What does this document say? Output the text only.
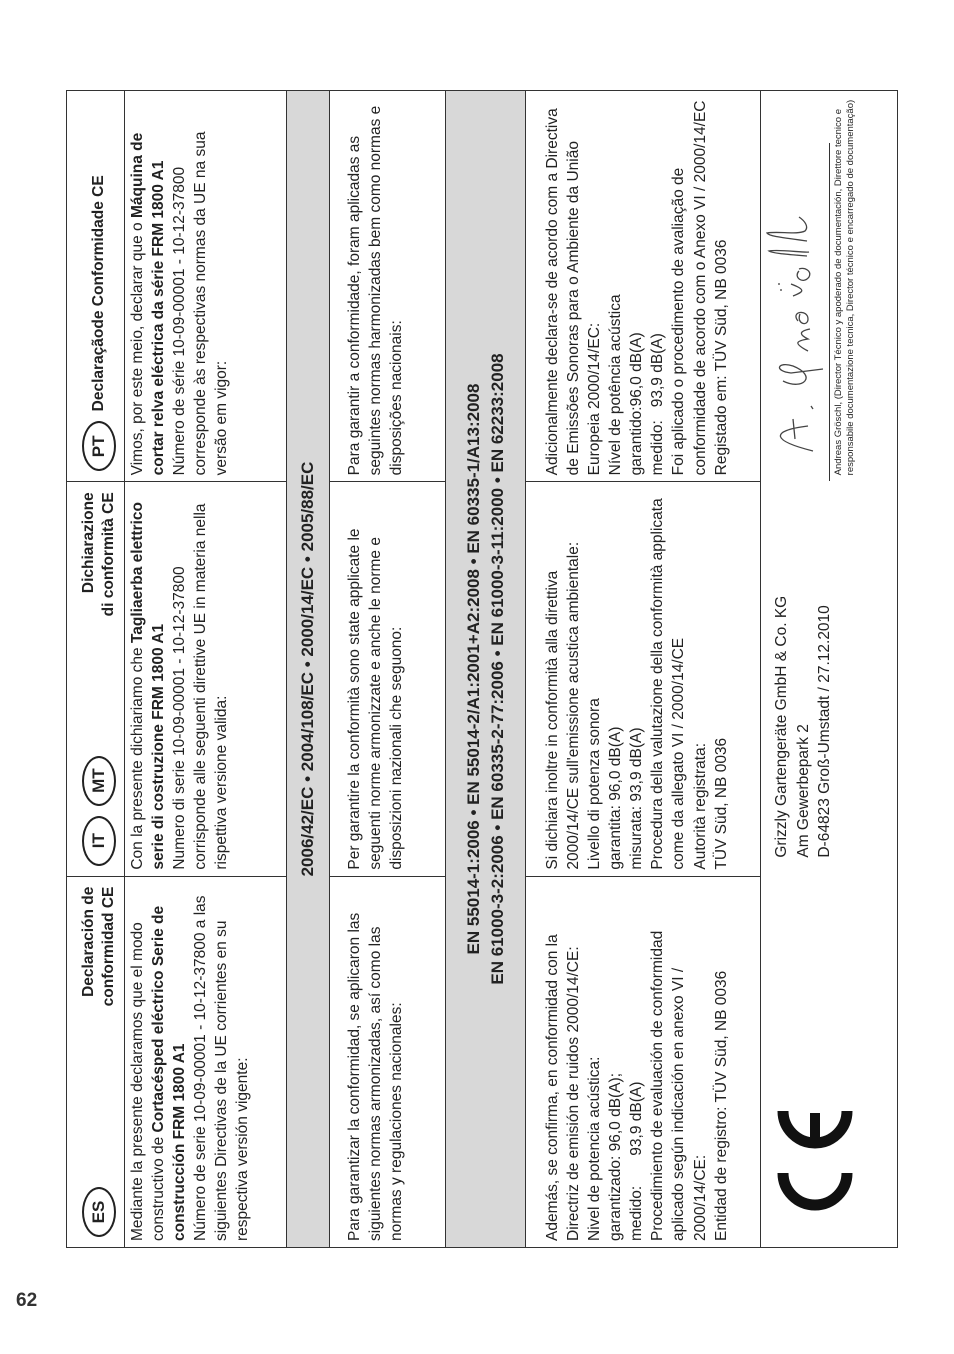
62
ES
Declaración de conformidad CE
IT
MT
Dichiarazione di conformità CE
PT
Declaraçãode Conformidade CE
Mediante la presente declaramos que el modo constructivo de Cortacésped eléctrico Serie de construcción FRM 1800 A1 Número de serie 10-09-00001 - 10-12-37800 a las siguientes Directivas de la UE corrientes en su respectiva versión vigente:
Con la presente dichiariamo che Tagliaerba elettrico serie di costruzione FRM 1800 A1 Numero di serie 10-09-00001 - 10-12-37800 corrisponde alle seguenti direttive UE in materia nella rispettiva versione valida:
Vimos, por este meio, declarar que o Máquina de cortar relva eléctrica da série FRM 1800 A1 Número de série 10-09-00001 - 10-12-37800 corresponde às respectivas normas da UE na sua versão em vigor:
2006/42/EC • 2004/108/EC • 2000/14/EC • 2005/88/EC
Para garantizar la conformidad, se aplicaron las siguientes normas armonizadas, así como las normas y regulaciones nacionales:
Per garantire la conformità sono state applicate le seguenti norme armonizzate e anche le norme e disposizioni nazionali che seguono:
Para garantir a conformidade, foram aplicadas as seguintes normas harmonizadas bem como normas e disposições nacionais:	EN 55014-1:2006 • EN 55014-2/A1:2001+A2:2008 • EN 60335-1/A13:2008 EN 61000-3-2:2006 • EN 60335-2-77:2006 • EN 61000-3-11:2000 • EN 62233:2008
Además, se confirma, en conformidad con la Directriz de emisión de ruidos 2000/14/CE: Nivel de potencia acústica: garantizado: 96,0 dB(A); medido:       93,9 dB(A) Procedimiento de evaluación de conformidad aplicado según indicación en anexo VI / 2000/14/CE: Entidad de registro: TÜV Süd, NB 0036
Si dichiara inoltre in conformità alla direttiva 2000/14/CE sull'emissione acustica ambientale: Livello di potenza sonora garantita: 96,0 dB(A) misurata: 93,9 dB(A) Procedura della valutazione della conformità applicata come da allegato VI / 2000/14/CE Autorità registrata: TÜV Süd, NB 0036
Adicionalmente declara-se de acordo com a Directiva de Emissões Sonoras para o Ambiente da União Europeia 2000/14/EC: Nível de potência acústica garantido:96,0 dB(A) medido:   93,9 dB(A) Foi aplicado o procedimento de avaliação de conformidade de acordo com o Anexo VI / 2000/14/EC Registado em: TÜV Süd, NB 0036
Grizzly Gartengeräte GmbH & Co. KG Am Gewerbepark 2 D-64823 Groß-Umstadt / 27.12.2010
Andreas Gröschl, (Director Técnico y apoderado de documentación, Direttore tecnico e responsabile documentazione tecnica, Director técnico e encarregado de documentação)
